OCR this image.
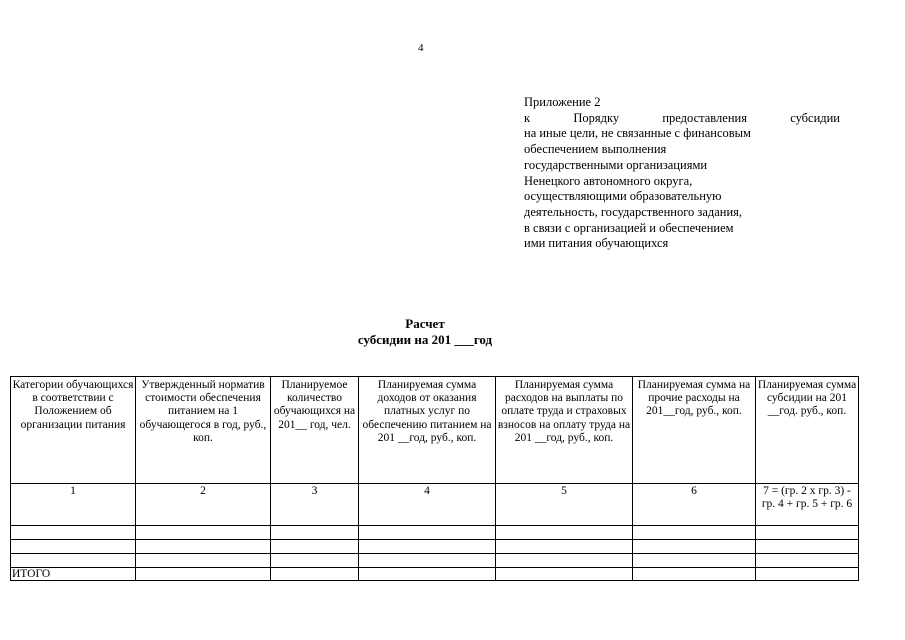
4
Приложение 2
к	Порядку	предоставления	субсидии
на иные цели, не связанные с финансовым
обеспечением выполнения
государственными организациями
Ненецкого автономного округа,
осуществляющими образовательную
деятельность, государственного задания,
в связи с организацией и обеспечением
ими питания обучающихся
Расчет
субсидии на 201 ___год
Категории обучающихся в соответствии с Положением об организации питания	Утвержденный норматив стоимости обеспечения питанием на 1 обучающегося в год, руб., коп.	Планируемое количество обучающихся на 201__ год, чел.	Планируемая сумма доходов от оказания платных услуг по обеспечению питанием на 201 __год, руб., коп.	Планируемая сумма расходов на выплаты по оплате труда и страховых взносов на оплату труда на 201 __год, руб., коп.	Планируемая сумма на прочие расходы на 201__год, руб., коп.	Планируемая сумма субсидии на 201 __год. руб., коп.
1	2	3	4	5	6	7 = (гр. 2 х гр. 3) - гр. 4 + гр. 5 + гр. 6

ИТОГО						
